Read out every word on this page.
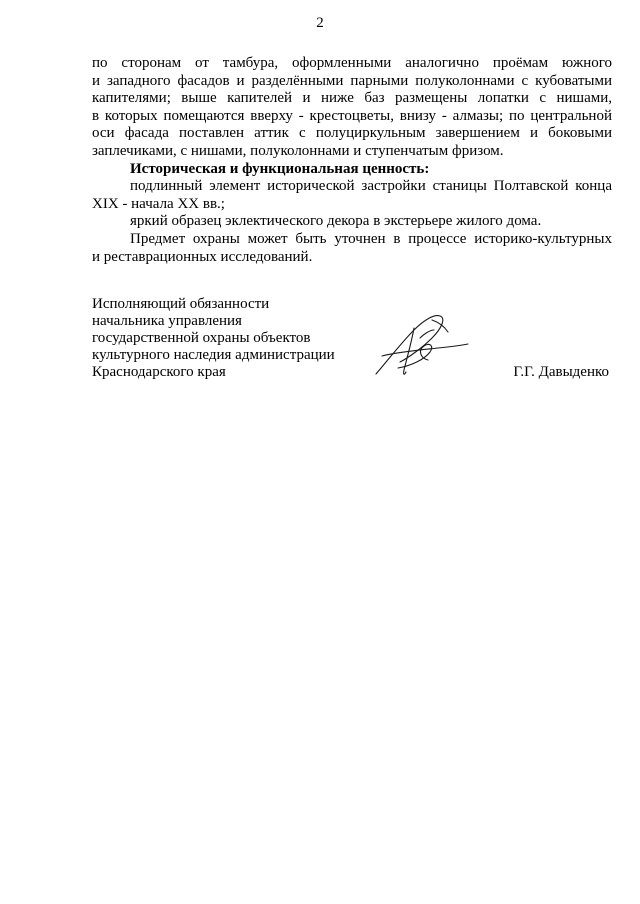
2

по сторонам от тамбура, оформленными аналогично проёмам южного

и западного фасадов и разделёнными парными полуколоннами с кубоватыми

капителями; выше капителей и ниже баз размещены лопатки с нишами,

в которых помещаются вверху - крестоцветы, внизу - алмазы; по центральной

оси фасада поставлен аттик с полуциркульным завершением и боковыми

заплечиками, с нишами, полуколоннами и ступенчатым фризом.

Историческая и функциональная ценность:

подлинный элемент исторической застройки станицы Полтавской конца

XIX - начала XX вв.;

яркий образец эклектического декора в экстерьере жилого дома.

Предмет охраны может быть уточнен в процессе историко-культурных

и реставрационных исследований.

Исполняющий обязанности
начальника управления
государственной охраны объектов
культурного наследия администрации
Краснодарского края	Г.Г. Давыденко
